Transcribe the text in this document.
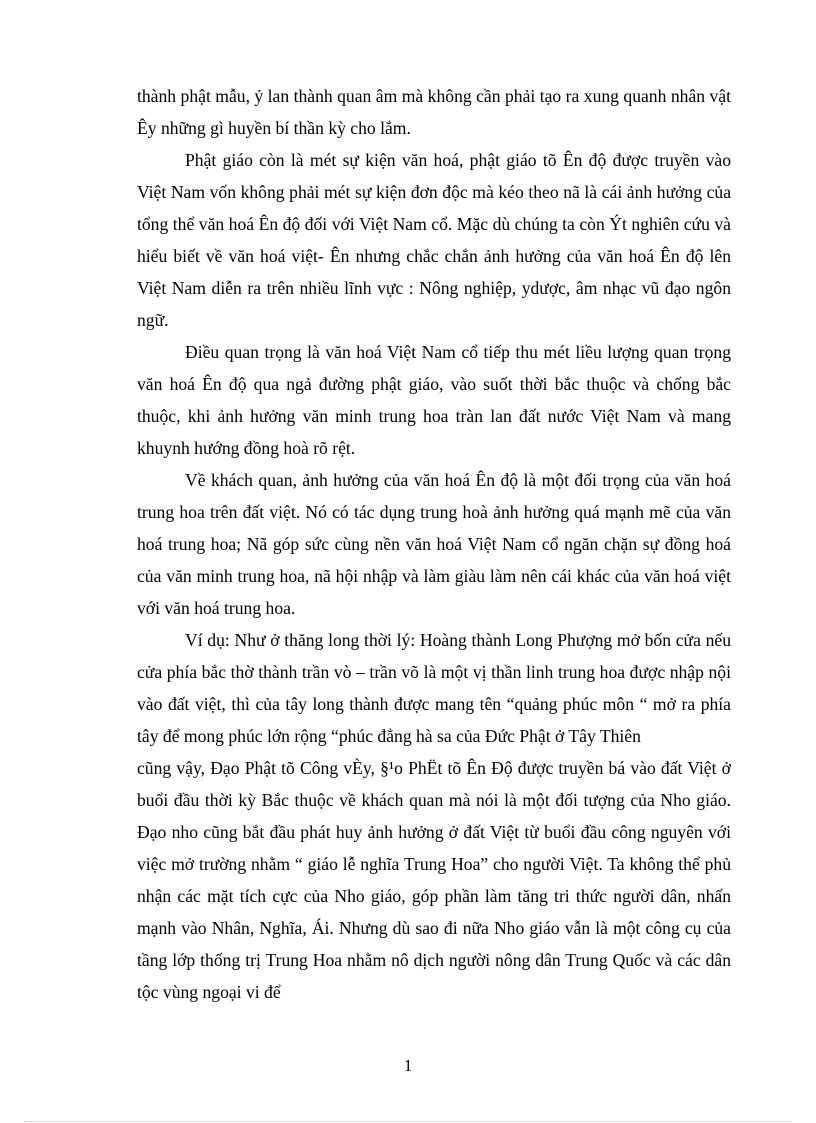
thành phật mẫu, ỷ lan thành quan âm mà không cần phải tạo ra xung quanh nhân vật Êy những gì huyền bí thần kỳ cho lắm.

Phật giáo còn là mét sự kiện văn hoá, phật giáo tõ Ên độ được truyền vào Việt Nam vốn không phải mét sự kiện đơn độc mà kéo theo nã là cái ảnh hưởng của tổng thể văn hoá Ên độ đối với Việt Nam cổ. Mặc dù chúng ta còn Ýt nghiên cứu và hiểu biết về văn hoá việt- Ên nhưng chắc chắn ảnh hưởng của văn hoá Ên độ lên Việt Nam diễn ra trên nhiều lĩnh vực : Nông nghiệp, ydược, âm nhạc vũ đạo ngôn ngữ.

Điều quan trọng là văn hoá Việt Nam cổ tiếp thu mét liều lượng quan trọng văn hoá Ên độ qua ngả đường phật giáo, vào suốt thời bắc thuộc và chống bắc thuộc, khi ảnh hưởng văn minh trung hoa tràn lan đất nước Việt Nam và mang khuynh hướng đồng hoà rõ rệt.

Về khách quan, ảnh hưởng của văn hoá Ên độ là một đối trọng của văn hoá trung hoa trên đất việt. Nó có tác dụng trung hoà ảnh hưởng quá mạnh mẽ của văn hoá trung hoa; Nã góp sức cùng nền văn hoá Việt Nam cổ ngăn chặn sự đồng hoá của văn minh trung hoa, nã hội nhập và làm giàu làm nên cái khác của văn hoá việt với văn hoá trung hoa.

Ví dụ: Như ở thăng long thời lý: Hoàng thành Long Phượng mở bốn cửa nếu cửa phía bắc thờ thành trần vò – trần võ là một vị thần linh trung hoa được nhập nội vào đất việt, thì của tây long thành được mang tên “quảng phúc môn “ mở ra phía tây để mong phúc lớn rộng “phúc đẳng hà sa của Đức Phật ở Tây Thiên

cũng vậy, Đạo Phật tõ Công vÈy, §¹o PhËt tõ Ên Độ được truyền bá vào đất Việt ở buổi đầu thời kỳ Bắc thuộc về khách quan mà nói là một đối tượng của Nho giáo. Đạo nho cũng bắt đầu phát huy ảnh hưởng ở đất Việt từ buổi đầu công nguyên với việc mở trường nhằm “ giáo lễ nghĩa Trung Hoa” cho người Việt. Ta không thể phủ nhận các mặt tích cực của Nho giáo, góp phần làm tăng tri thức người dân, nhấn mạnh vào Nhân, Nghĩa, Ái. Nhưng dù sao đi nữa Nho giáo vẫn là một công cụ của tầng lớp thống trị Trung Hoa nhằm nô dịch người nông dân Trung Quốc và các dân tộc vùng ngoại vi để

1
